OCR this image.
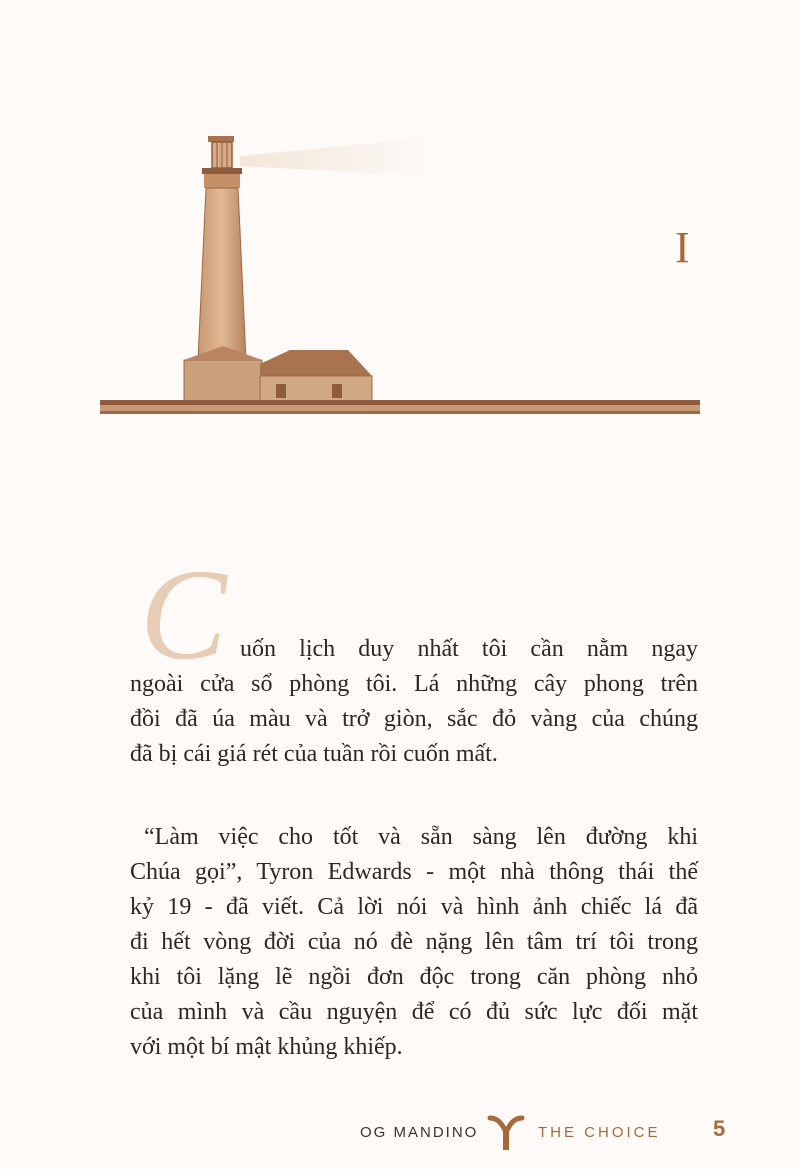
I
C uốn lịch duy nhất tôi cần nằm ngay
ngoài cửa sổ phòng tôi. Lá những cây phong trên
đồi đã úa màu và trở giòn, sắc đỏ vàng của chúng
đã bị cái giá rét của tuần rồi cuốn mất.
“Làm việc cho tốt và sẵn sàng lên đường khi
Chúa gọi”, Tyron Edwards - một nhà thông thái thế
kỷ 19 - đã viết. Cả lời nói và hình ảnh chiếc lá đã
đi hết vòng đời của nó đè nặng lên tâm trí tôi trong
khi tôi lặng lẽ ngồi đơn độc trong căn phòng nhỏ
của mình và cầu nguyện để có đủ sức lực đối mặt
với một bí mật khủng khiếp.
OG MANDINO	THE CHOICE 5
